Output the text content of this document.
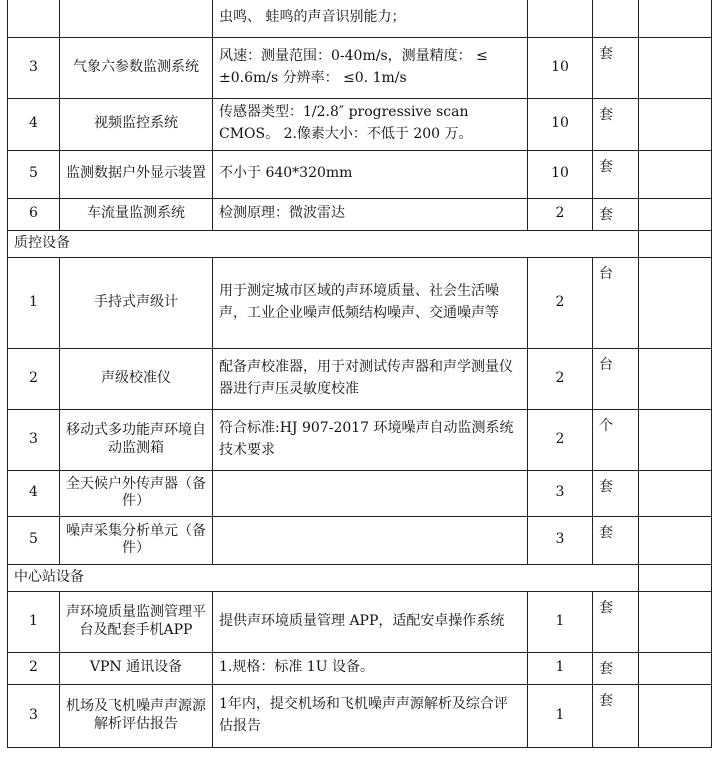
		虫鸣、 蛙鸣的声音识别能力；			
3	气象六参数监测系统	风速：测量范围：0-40m/s，测量精度： ≤ ±0.6m/s 分辨率： ≤0. 1m/s	10	套	
4	视频监控系统	传感器类型：1/2.8″ progressive scan CMOS。 2.像素大小：不低于 200 万。	10	套	
5	监测数据户外显示装置	不小于 640*320mm	10	套	
6	车流量监测系统	检测原理：微波雷达	2	套	
质控设备					
1	手持式声级计	用于测定城市区域的声环境质量、社会生活噪声，工业企业噪声低频结构噪声、交通噪声等	2	台	
2	声级校准仪	配备声校准器，用于对测试传声器和声学测量仪器进行声压灵敏度校准	2	台	
3	移动式多功能声环境自动监测箱	符合标准:HJ 907-2017 环境噪声自动监测系统技术要求	2	个	
4	全天候户外传声器（备件）		3	套	
5	噪声采集分析单元（备件）		3	套	
中心站设备					
1	声环境质量监测管理平台及配套手机APP	提供声环境质量管理 APP，适配安卓操作系统	1	套	
2	VPN 通讯设备	1.规格：标准 1U 设备。	1	套	
3	机场及飞机噪声声源源解析评估报告	1年内，提交机场和飞机噪声声源解析及综合评估报告	1	套	
